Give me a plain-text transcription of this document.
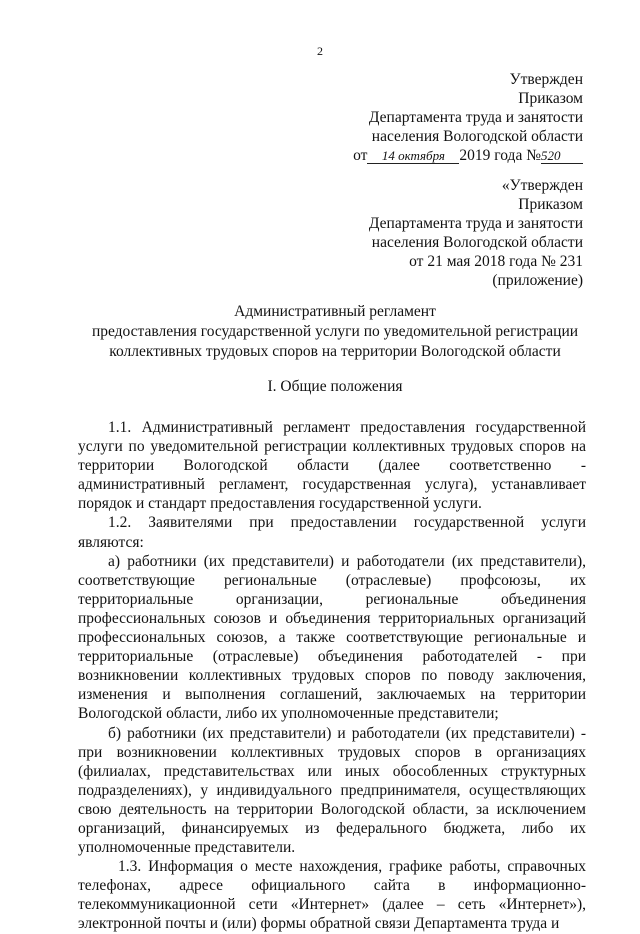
2
Утвержден
Приказом
Департамента труда и занятости
населения Вологодской области
от 14 октября 2019 года №520
«Утвержден
Приказом
Департамента труда и занятости
населения Вологодской области
от 21 мая 2018 года № 231
(приложение)
Административный регламент
предоставления государственной услуги по уведомительной регистрации
коллективных трудовых споров на территории Вологодской области
I. Общие положения

1.1. Административный регламент предоставления государственной услуги по уведомительной регистрации коллективных трудовых споров на территории Вологодской области (далее соответственно - административный регламент, государственная услуга), устанавливает порядок и стандарт предоставления государственной услуги.

1.2. Заявителями при предоставлении государственной услуги являются:

а) работники (их представители) и работодатели (их представители), соответствующие региональные (отраслевые) профсоюзы, их территориальные организации, региональные объединения профессиональных союзов и объединения территориальных организаций профессиональных союзов, а также соответствующие региональные и территориальные (отраслевые) объединения работодателей - при возникновении коллективных трудовых споров по поводу заключения, изменения и выполнения соглашений, заключаемых на территории Вологодской области, либо их уполномоченные представители;

б) работники (их представители) и работодатели (их представители) - при возникновении коллективных трудовых споров в организациях (филиалах, представительствах или иных обособленных структурных подразделениях), у индивидуального предпринимателя, осуществляющих свою деятельность на территории Вологодской области, за исключением организаций, финансируемых из федерального бюджета, либо их уполномоченные представители.

1.3. Информация о месте нахождения, графике работы, справочных телефонах, адресе официального сайта в информационно-телекоммуникационной сети «Интернет» (далее – сеть «Интернет»), электронной почты и (или) формы обратной связи Департамента труда и
